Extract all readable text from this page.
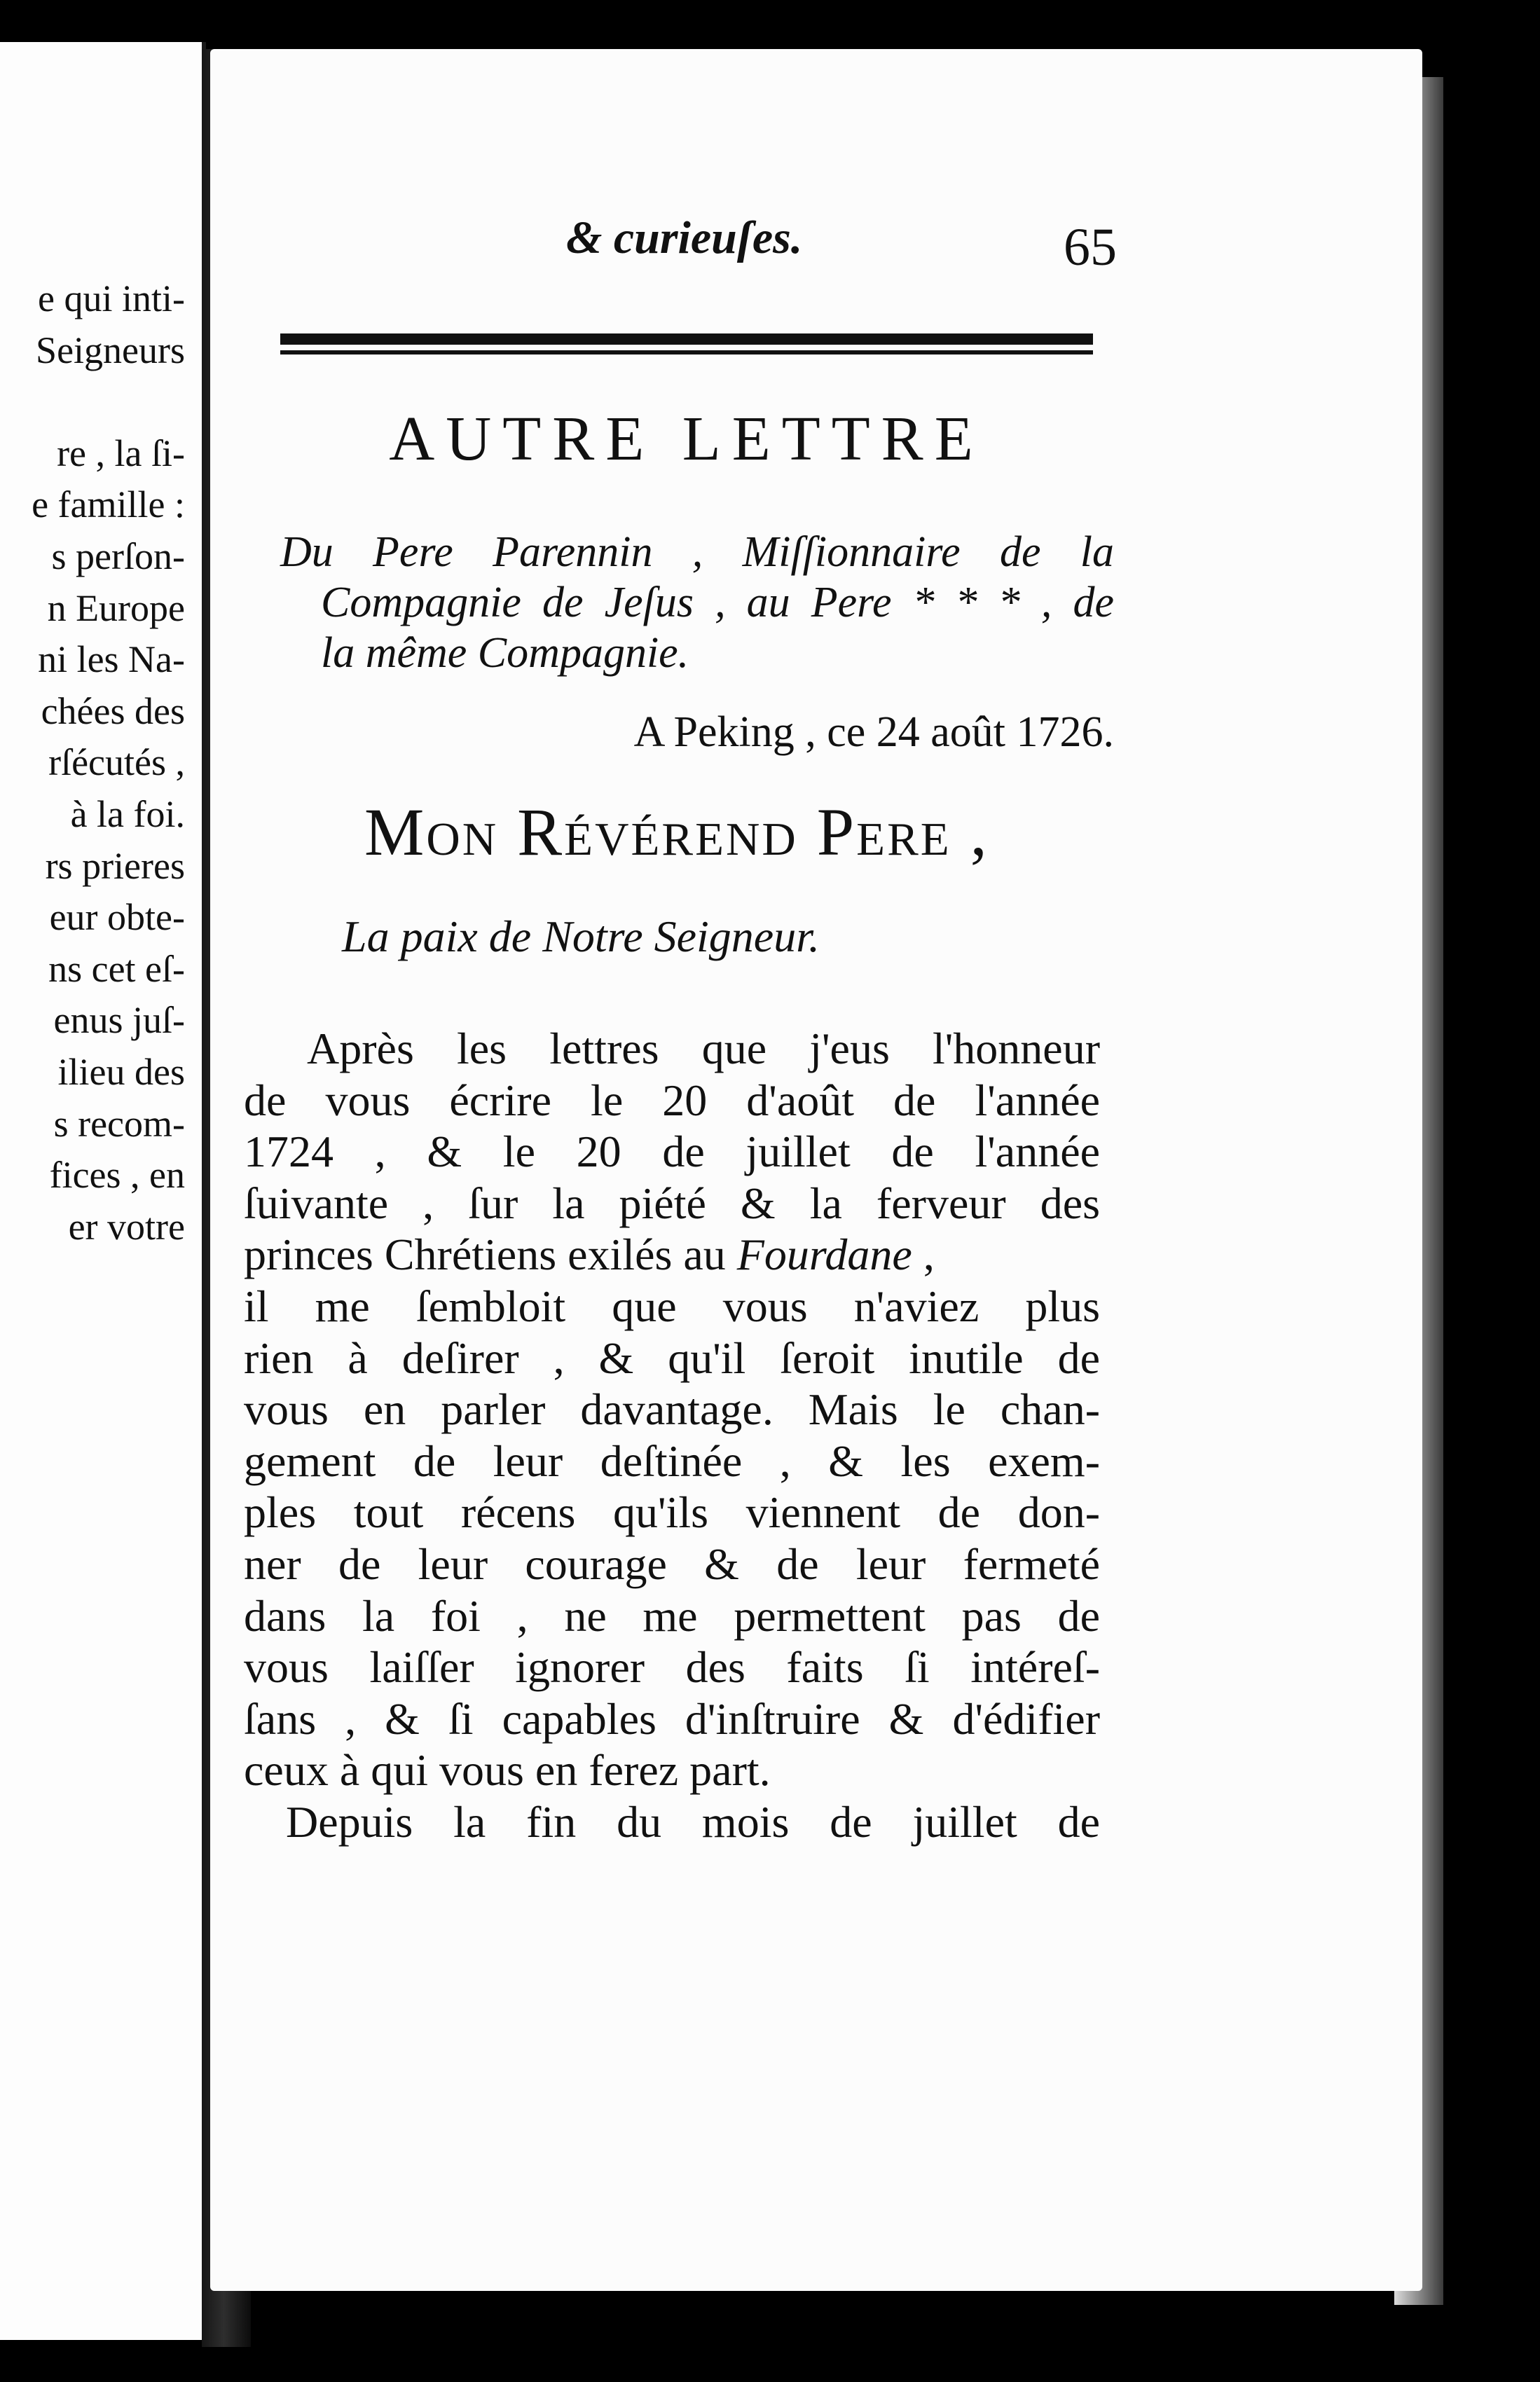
e qui inti-
Seigneurs
re , la ſi-
e famille :
s perſon-
n Europe
ni les Na-
chées des
rſécutés ,
à la foi.
rs prieres
eur obte-
ns cet eſ-
enus juſ-
ilieu des
s recom-
fices , en
er votre
& curieuſes.	65
AUTRE LETTRE
Du Pere Parennin , Miſſionnaire de la
Compagnie de Jeſus , au Pere * * * , de
la même Compagnie.
A Peking , ce 24 août 1726.
Mon Révérend Pere ,
La paix de Notre Seigneur.
Après les lettres que j'eus l'honneur
de vous écrire le 20 d'août de l'année
1724 , & le 20 de juillet de l'année
ſuivante , ſur la piété & la ferveur des
princes Chrétiens exilés au Fourdane ,
il me ſembloit que vous n'aviez plus
rien à deſirer , & qu'il ſeroit inutile de
vous en parler davantage. Mais le chan-
gement de leur deſtinée , & les exem-
ples tout récens qu'ils viennent de don-
ner de leur courage & de leur fermeté
dans la foi , ne me permettent pas de
vous laiſſer ignorer des faits ſi intéreſ-
ſans , & ſi capables d'inſtruire & d'édifier
ceux à qui vous en ferez part.
Depuis la fin du mois de juillet de
